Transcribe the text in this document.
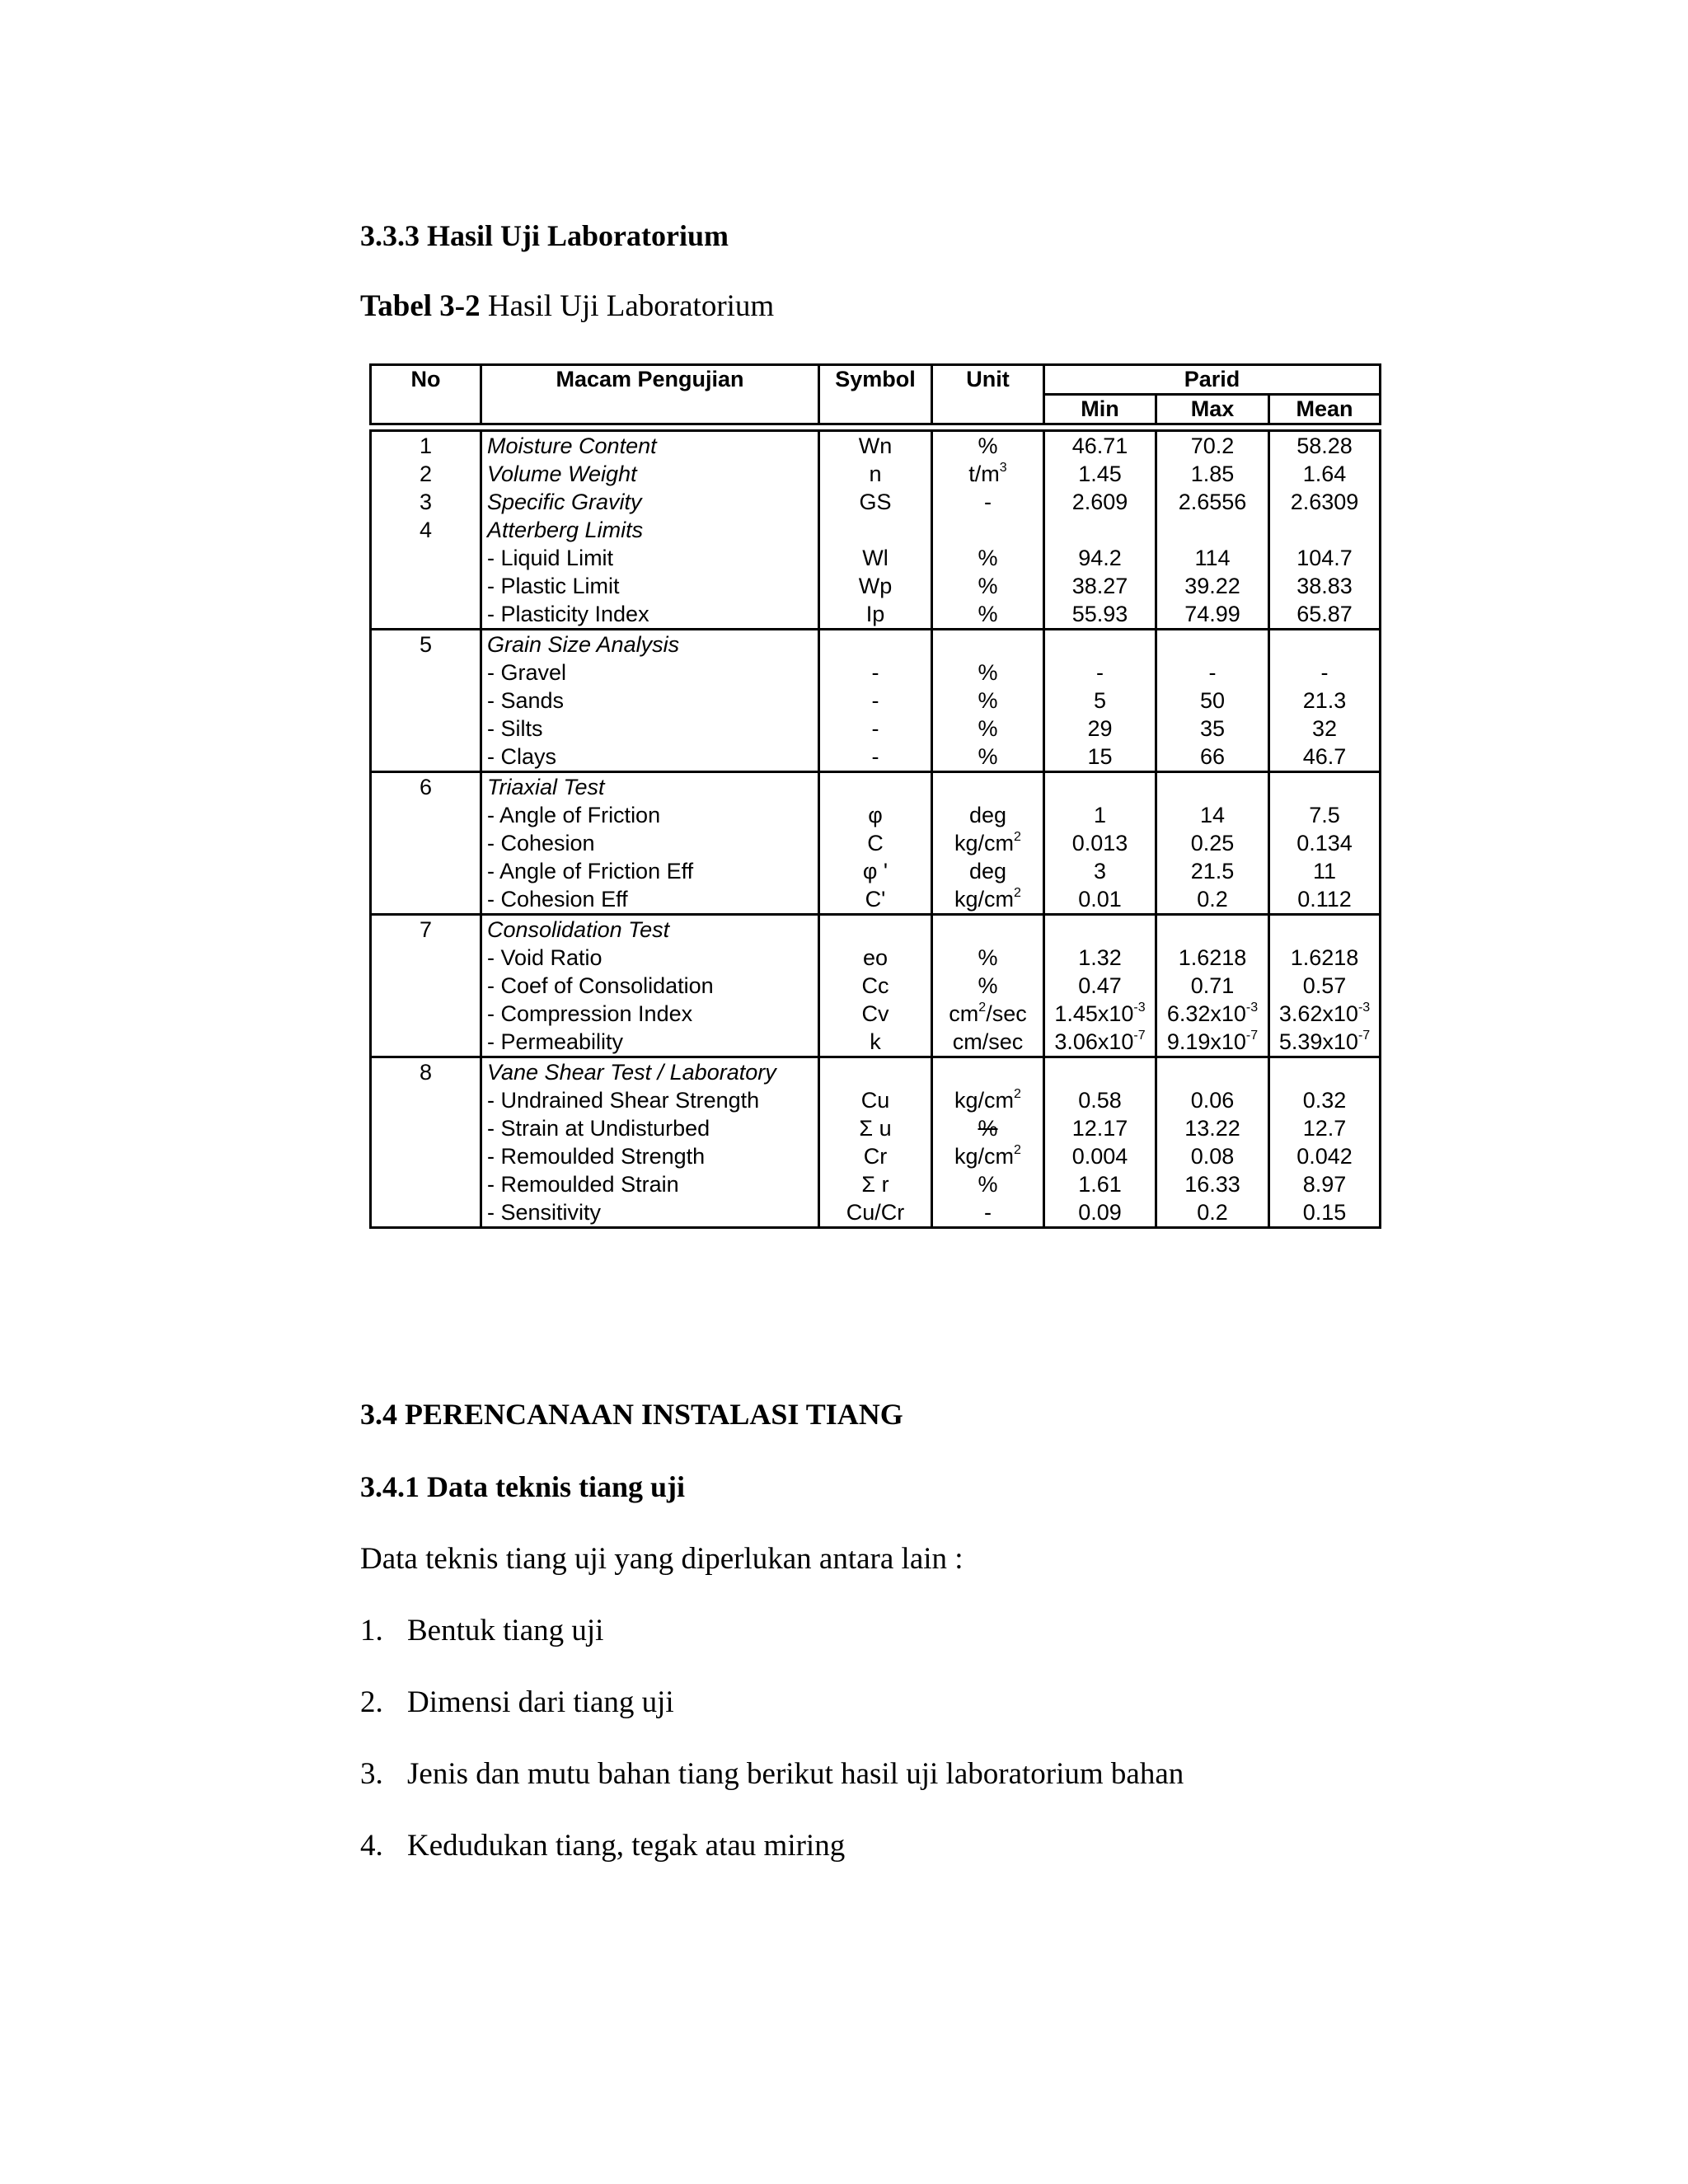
3.3.3 Hasil Uji Laboratorium
Tabel 3-2 Hasil Uji Laboratorium
No	Macam Pengujian	Symbol	Unit	Parid		
				Min	Max	Mean

1	Moisture Content	Wn	%	46.71	70.2	58.28
2	Volume Weight	n	$t/m^3$	1.45	1.85	1.64
3	Specific Gravity	GS	-	2.609	2.6556	2.6309
4	Atterberg Limits					
	- Liquid Limit	Wl	%	94.2	114	104.7
	- Plastic Limit	Wp	%	38.27	39.22	38.83
	- Plasticity Index	Ip	%	55.93	74.99	65.87
5	Grain Size Analysis					
	- Gravel	-	%	-	-	-
	- Sands	-	%	5	50	21.3
	- Silts	-	%	29	35	32
	- Clays	-	%	15	66	46.7
6	Triaxial Test					
	- Angle of Friction	φ	deg	1	14	7.5
	- Cohesion	C	$kg/cm^2$	0.013	0.25	0.134
	- Angle of Friction Eff	φ '	deg	3	21.5	11
	- Cohesion Eff	C'	$kg/cm^2$	0.01	0.2	0.112
7	Consolidation Test					
	- Void Ratio	eo	%	1.32	1.6218	1.6218
	- Coef of Consolidation	Cc	%	0.47	0.71	0.57
	- Compression Index	Cv	$cm^2/\sec$	$1.45x10^{-3}$	$6.32x10^{-3}$	$3.62x10^{-3}$
	- Permeability	k	cm/sec	$3.06x10^{-7}$	$9.19x10^{-7}$	$5.39x10^{-7}$
8	Vane Shear Test / Laboratory					
	- Undrained Shear Strength	Cu	$kg/cm^2$	0.58	0.06	0.32
	- Strain at Undisturbed	Σ u	%	12.17	13.22	12.7
	- Remoulded Strength	Cr	$kg/cm^2$	0.004	0.08	0.042
	- Remoulded Strain	Σ r	%	1.61	16.33	8.97
	- Sensitivity	Cu/Cr	-	0.09	0.2	0.15
3.4 PERENCANAAN INSTALASI TIANG
3.4.1 Data teknis tiang uji
Data teknis tiang uji yang diperlukan antara lain :
1. Bentuk tiang uji
2. Dimensi dari tiang uji
3. Jenis dan mutu bahan tiang berikut hasil uji laboratorium bahan
4. Kedudukan tiang, tegak atau miring
